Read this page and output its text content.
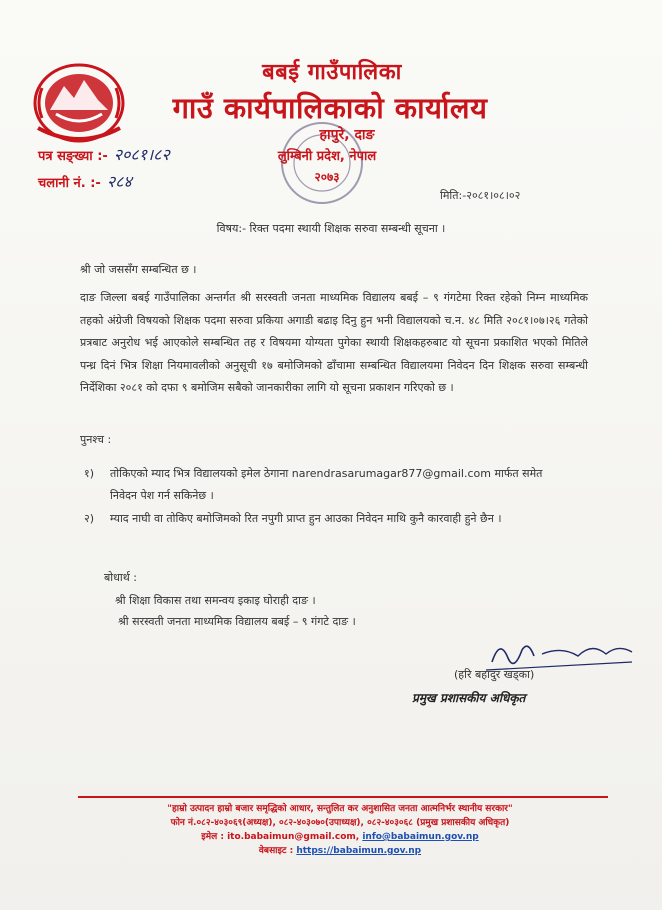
बबई गाउँपालिका
गाउँ कार्यपालिकाको कार्यालय
हापुरे, दाङ
लुम्बिनी प्रदेश, नेपाल
२०७३
पत्र सङ्ख्या :- २०८१।८२
चलानी नं. :- २८४
मिति:-२०८१।०८।०२
विषय:- रिक्त पदमा स्थायी शिक्षक सरुवा सम्बन्धी सूचना ।
श्री जो जससँग सम्बन्धित छ ।
दाङ जिल्ला बबई गाउँपालिका अन्तर्गत श्री सरस्वती जनता माध्यमिक विद्यालय बबई – ९ गंगटेमा रिक्त रहेको निम्न माध्यमिक तहको अंग्रेजी विषयको शिक्षक पदमा सरुवा प्रकिया अगाडी बढाइ दिनु हुन भनी विद्यालयको च.न. ४८ मिति २०८१।०७।२६ गतेको प्रत्रबाट अनुरोध भई आएकोले सम्बन्धित तह र विषयमा योग्यता पुगेका स्थायी शिक्षकहरुबाट यो सूचना प्रकाशित भएको मितिले पन्ध्र दिनं भित्र शिक्षा नियमावलीको अनुसूची १७ बमोजिमको ढाँचामा सम्बन्धित विद्यालयमा निवेदन दिन शिक्षक सरुवा सम्बन्धी निर्देशिका २०८१ को दफा ९ बमोजिम सबैको जानकारीका लागि यो सूचना प्रकाशन गरिएको छ ।
पुनश्च :
१) तोकिएको म्याद भित्र विद्यालयको इमेल ठेगाना narendrasarumagar877@gmail.com मार्फत समेत
निवेदन पेश गर्न सकिनेछ ।
२) म्याद नाघी वा तोकिए बमोजिमको रित नपुगी प्राप्त हुन आउका निवेदन माथि कुनै कारवाही हुने छैन ।
बोधार्थ :
श्री शिक्षा विकास तथा समन्वय इकाइ घोराही दाङ ।
श्री सरस्वती जनता माध्यमिक विद्यालय बबई – ९ गंगटे दाङ ।
(हरि बहादुर खड्का)
प्रमुख प्रशासकीय अधिकृत
"हाम्रो उत्पादन हाम्रो बजार समृद्धिको आधार, सन्तुलित कर अनुशासित जनता आत्मनिर्भर स्थानीय सरकार"
फोन नं.०८२-४०३०६९(अध्यक्ष), ०८२-४०३०७०(उपाध्यक्ष), ०८२-४०३०६८ (प्रमुख प्रशासकीय अधिकृत)
इमेल : ito.babaimun@gmail.com, info@babaimun.gov.np
वेबसाइट : https://babaimun.gov.np
